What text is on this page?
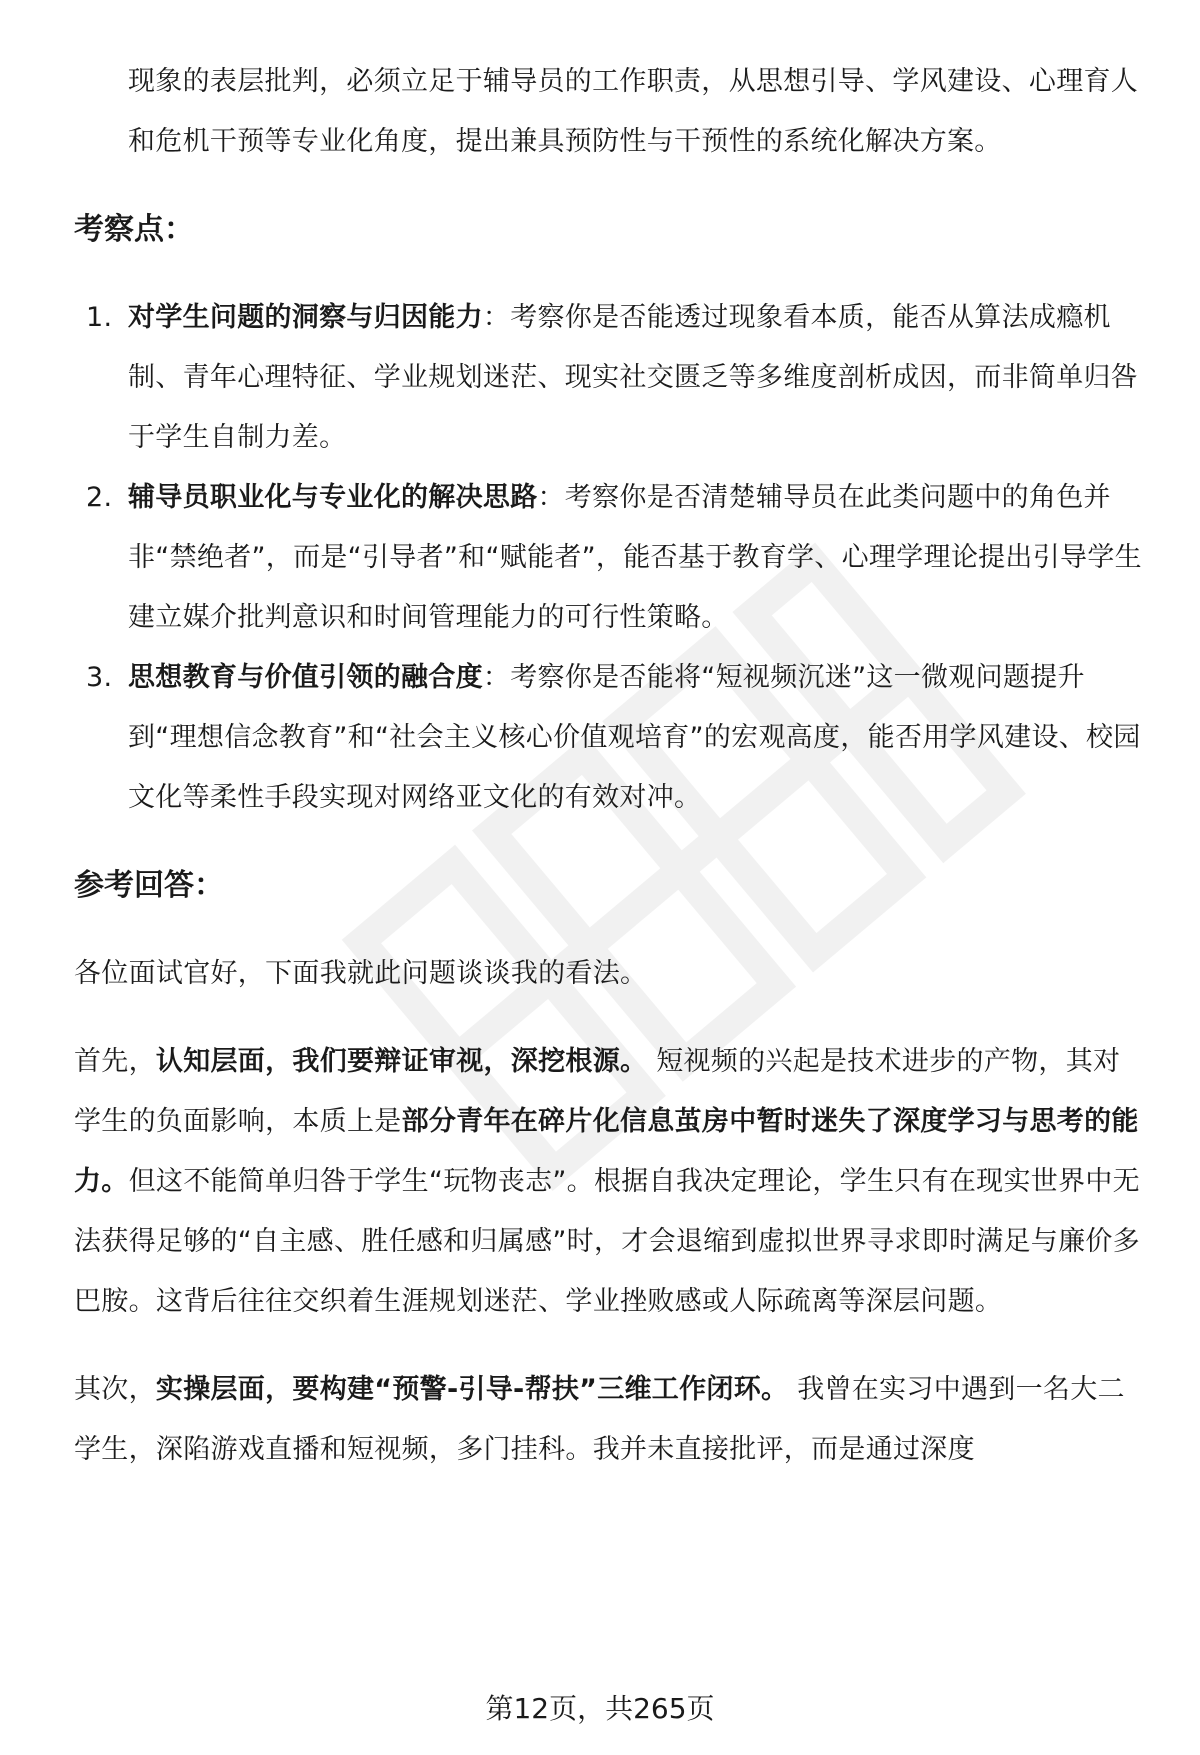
现象的表层批判，必须立足于辅导员的工作职责，从思想引导、学风建设、心理育人和危机干预等专业化角度，提出兼具预防性与干预性的系统化解决方案。

考察点：
1. 对学生问题的洞察与归因能力：考察你是否能透过现象看本质，能否从算法成瘾机制、青年心理特征、学业规划迷茫、现实社交匮乏等多维度剖析成因，而非简单归咎于学生自制力差。
2. 辅导员职业化与专业化的解决思路：考察你是否清楚辅导员在此类问题中的角色并非“禁绝者”，而是“引导者”和“赋能者”，能否基于教育学、心理学理论提出引导学生建立媒介批判意识和时间管理能力的可行性策略。
3. 思想教育与价值引领的融合度：考察你是否能将“短视频沉迷”这一微观问题提升到“理想信念教育”和“社会主义核心价值观培育”的宏观高度，能否用学风建设、校园文化等柔性手段实现对网络亚文化的有效对冲。
参考回答：

各位面试官好，下面我就此问题谈谈我的看法。

首先，认知层面，我们要辩证审视，深挖根源。 短视频的兴起是技术进步的产物，其对学生的负面影响，本质上是部分青年在碎片化信息茧房中暂时迷失了深度学习与思考的能力。但这不能简单归咎于学生“玩物丧志”。根据自我决定理论，学生只有在现实世界中无法获得足够的“自主感、胜任感和归属感”时，才会退缩到虚拟世界寻求即时满足与廉价多巴胺。这背后往往交织着生涯规划迷茫、学业挫败感或人际疏离等深层问题。

其次，实操层面，要构建“预警-引导-帮扶”三维工作闭环。 我曾在实习中遇到一名大二学生，深陷游戏直播和短视频，多门挂科。我并未直接批评，而是通过深度

第12页，共265页
